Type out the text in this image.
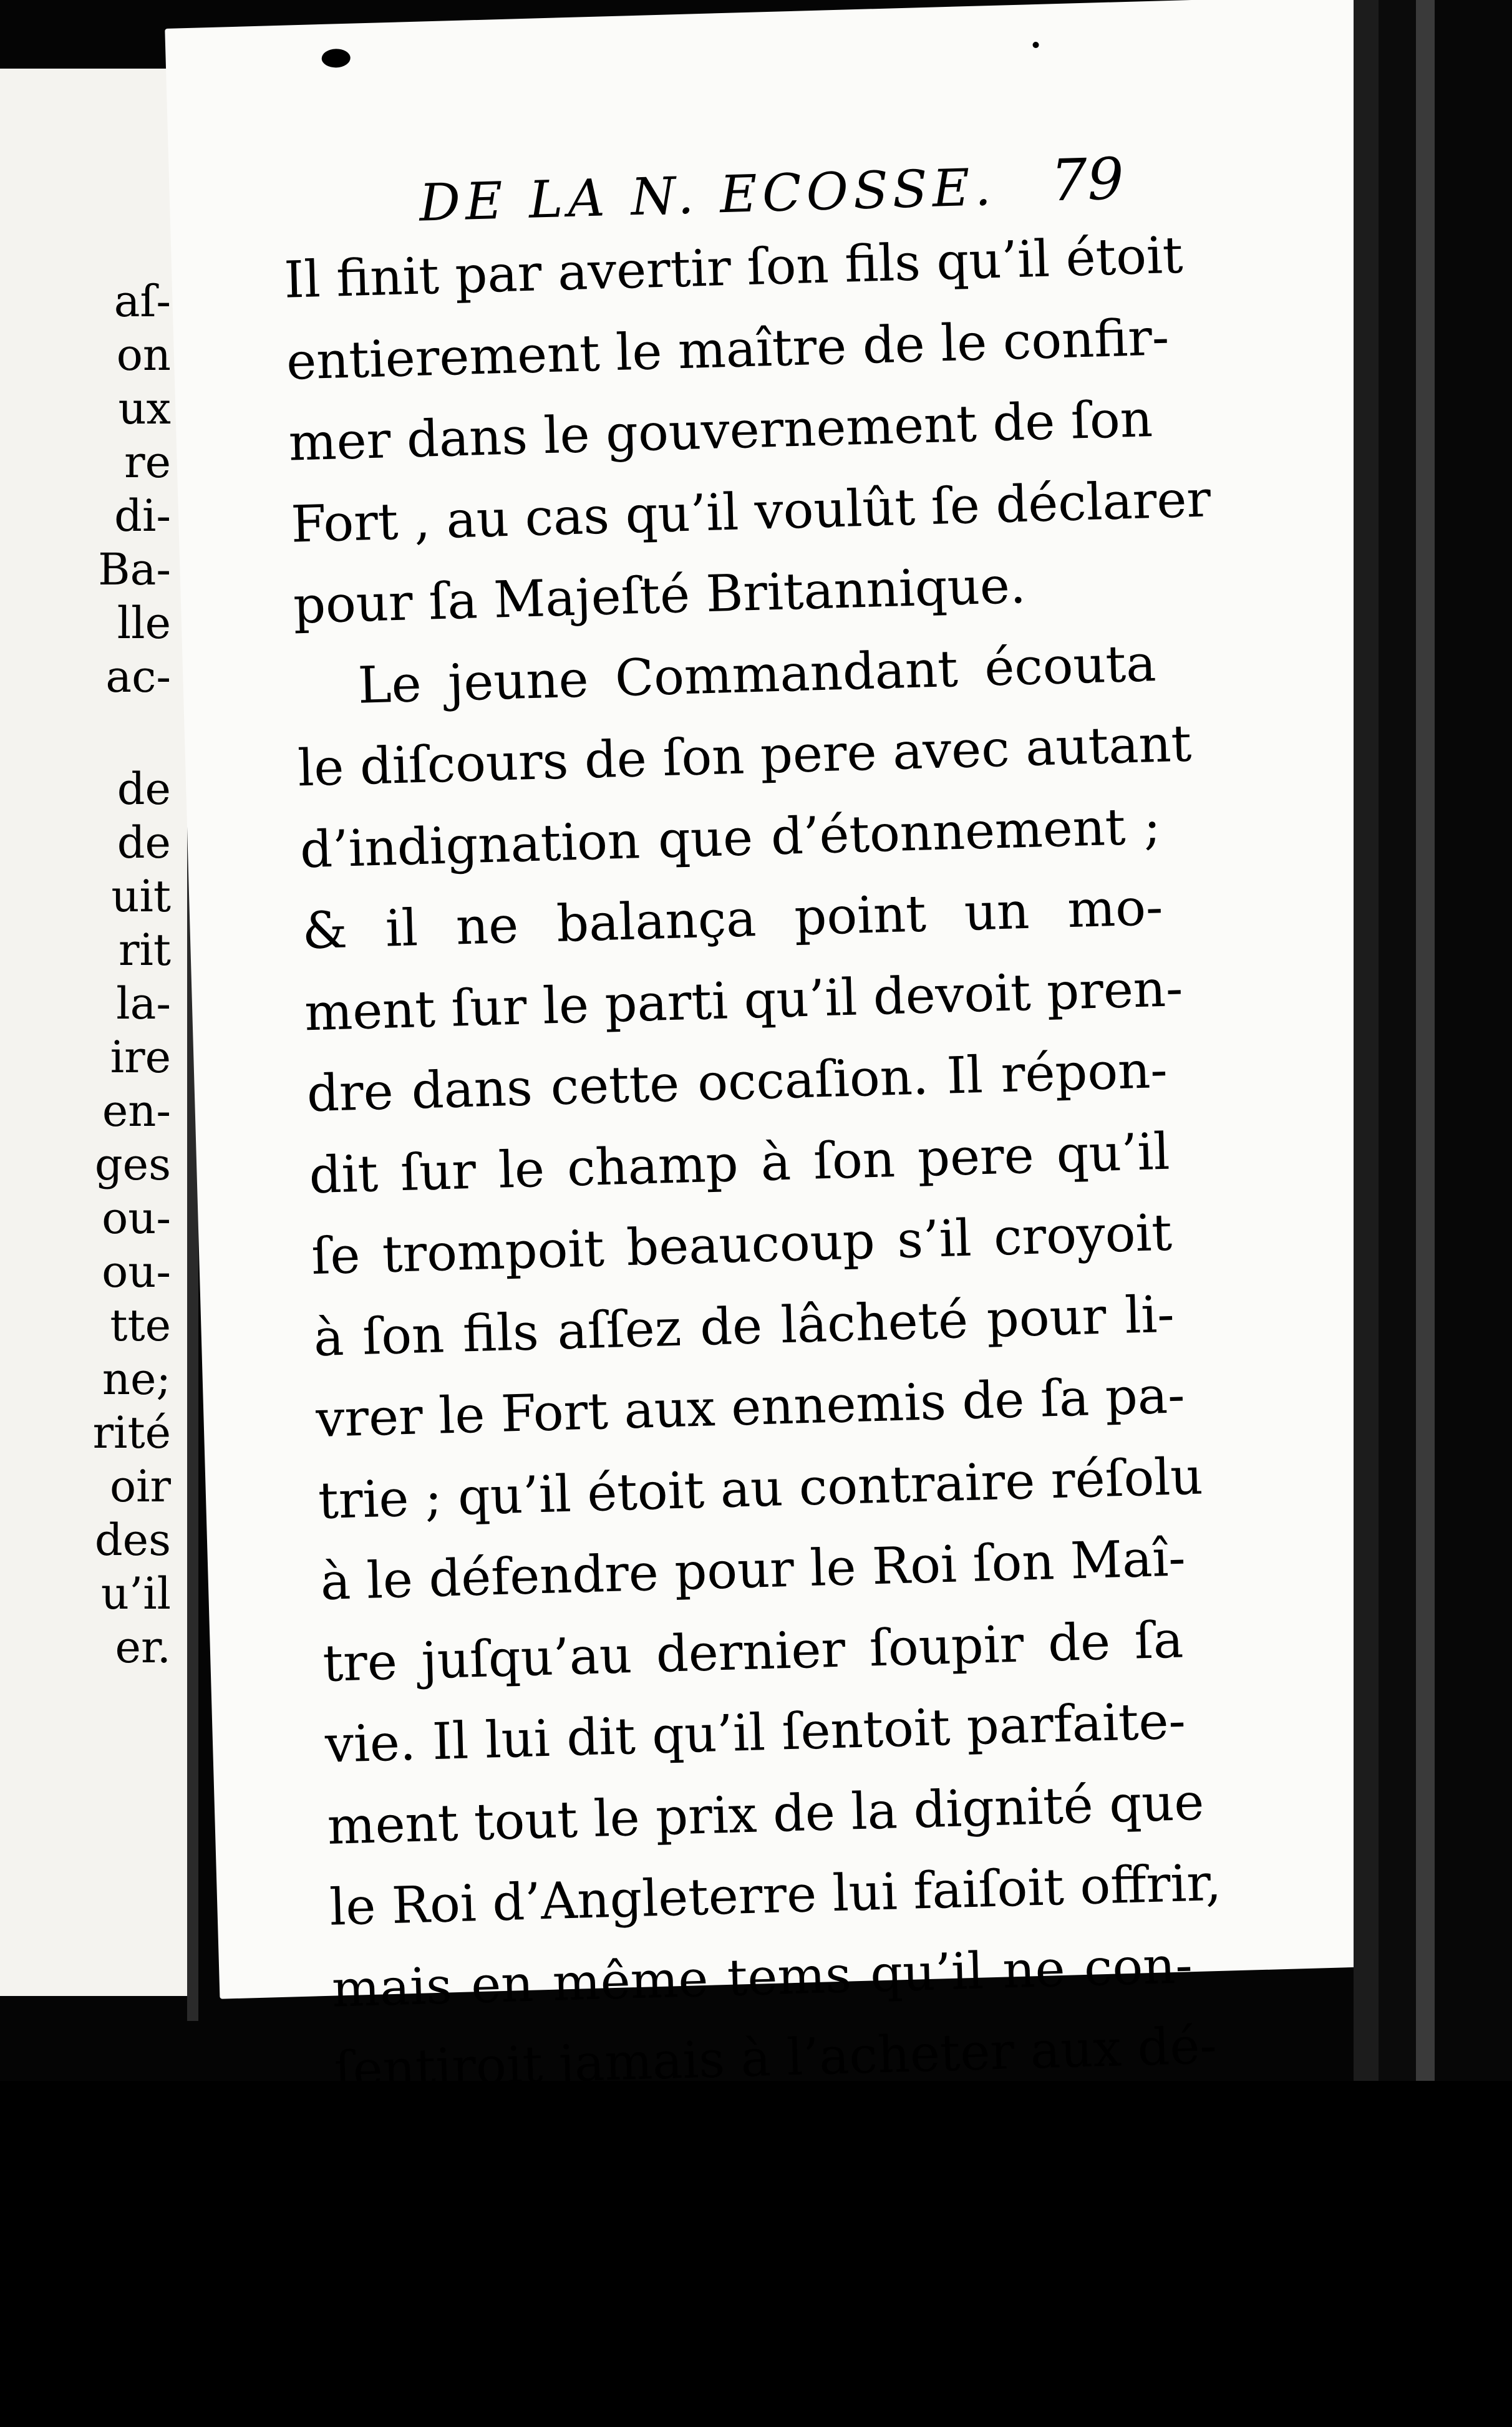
aſ-
on
ux
re
di-
Ba-
lle
ac-
de
de
uit
rit
la-
ire
en-
ges
ou-
ou-
tte
ne;
rité
oir
des
u’il
er.
DE LA N. ECOSSE. 79
Il finit par avertir ſon fils qu’il étoit
entierement le maître de le confir-
mer dans le gouvernement de ſon
Fort , au cas qu’il voulût ſe déclarer
pour ſa Majeſté Britannique.
Le jeune Commandant écouta
le diſcours de ſon pere avec autant
d’indignation que d’étonnement ;
& il ne balança point un mo-
ment ſur le parti qu’il devoit pren-
dre dans cette occaſion. Il répon-
dit ſur le champ à ſon pere qu’il
ſe trompoit beaucoup s’il croyoit
à ſon fils aſſez de lâcheté pour li-
vrer le Fort aux ennemis de ſa pa-
trie ; qu’il étoit au contraire réſolu
à le défendre pour le Roi ſon Maî-
tre juſqu’au dernier ſoupir de ſa
vie. Il lui dit qu’il ſentoit parfaite-
ment tout le prix de la dignité que
le Roi d’Angleterre lui faiſoit offrir,
mais en même tems qu’il ne con-
ſentiroit jamais à l’acheter aux dé-
pens de l’obéiſſance qu’il devoit à
ſon Souverain. Je ſuis très-ſûr ,
ajouta-t-il en finiſſant , que le Roi,
F iv
